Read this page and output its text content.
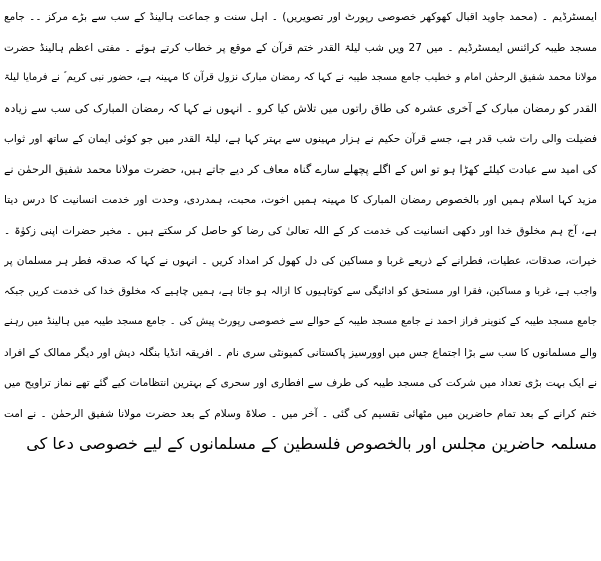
ایمسٹرڈیم ۔ (محمد جاوید اقبال کھوکھر خصوصی رپورٹ اور تصویریں) ۔ اہل سنت و جماعت ہالینڈ کے سب سے بڑے مرکز ۔۔ جامع
مسجد طیبہ کرائنس ایمسٹرڈیم ۔ میں 27 ویں شب لیلۃ القدر ختم قرآن کے موقع پر خطاب کرتے ہوئے ۔ مفتی اعظم ہالینڈ حضرت
مولانا محمد شفیق الرحمٰن امام و خطیب جامع مسجد طیبہ نے کہا کہ رمضان مبارک نزول قرآن کا مہینہ ہے، حضور نبی کریم ؐ نے فرمایا لیلۃ
القدر کو رمضان مبارک کے آخری عشرہ کی طاق راتوں میں تلاش کیا کرو ۔ انہوں نے کہا کہ رمضان المبارک کی سب سے زیادہ
فضیلت والی رات شب قدر ہے، جسے قرآن حکیم نے ہزار مہینوں سے بہتر کہا ہے، لیلۃ القدر میں جو کوئی ایمان کے ساتھ اور ثواب
کی امید سے عبادت کیلئے کھڑا ہو تو اس کے اگلے پچھلے سارے گناہ معاف کر دیے جاتے ہیں، حضرت مولانا محمد شفیق الرحمٰن نے
مزید کہا اسلام ہمیں اور بالخصوص رمضان المبارک کا مہینہ ہمیں اخوت، محبت، ہمدردی، وحدت اور خدمت انسانیت کا درس دیتا
ہے، آج ہم مخلوق خدا اور دکھی انسانیت کی خدمت کر کے اللہ تعالیٰ کی رضا کو حاصل کر سکتے ہیں ۔ مخیر حضرات اپنی زکوٰۃ ۔
خیرات، صدقات، عطیات، فطرانے کے ذریعے غربا و مساکین کی دل کھول کر امداد کریں ۔ انہوں نے کہا کہ صدقہ فطر ہر مسلمان پر
واجب ہے، غربا و مساکین، فقرا اور مستحق کو ادائیگی سے کوتاہیوں کا ازالہ ہو جاتا ہے، ہمیں چاہیے کہ مخلوق خدا کی خدمت کریں جبکہ
جامع مسجد طیبہ کے کنوینر فراز احمد نے جامع مسجد طیبہ کے حوالے سے خصوصی رپورٹ پیش کی ۔ جامع مسجد طیبہ میں ہالینڈ میں رہنے
والے مسلمانوں کا سب سے بڑا اجتماع جس میں اوورسیز پاکستانی کمیونٹی سری نام ۔ افریقہ انڈیا بنگلہ دیش اور دیگر ممالک کے افراد
نے ایک بہت بڑی تعداد میں شرکت کی مسجد طیبہ کی طرف سے افطاری اور سحری کے بہترین انتظامات کیے گئے تھے نماز تراویح میں
ختم کرانے کے بعد تمام حاضرین میں مٹھائی تقسیم کی گئی ۔ آخر میں ۔ صلاۃ وسلام کے بعد حضرت مولانا شفیق الرحمٰن ۔ نے امت
مسلمہ حاضرین مجلس اور بالخصوص فلسطین کے مسلمانوں کے لیے خصوصی دعا کی
